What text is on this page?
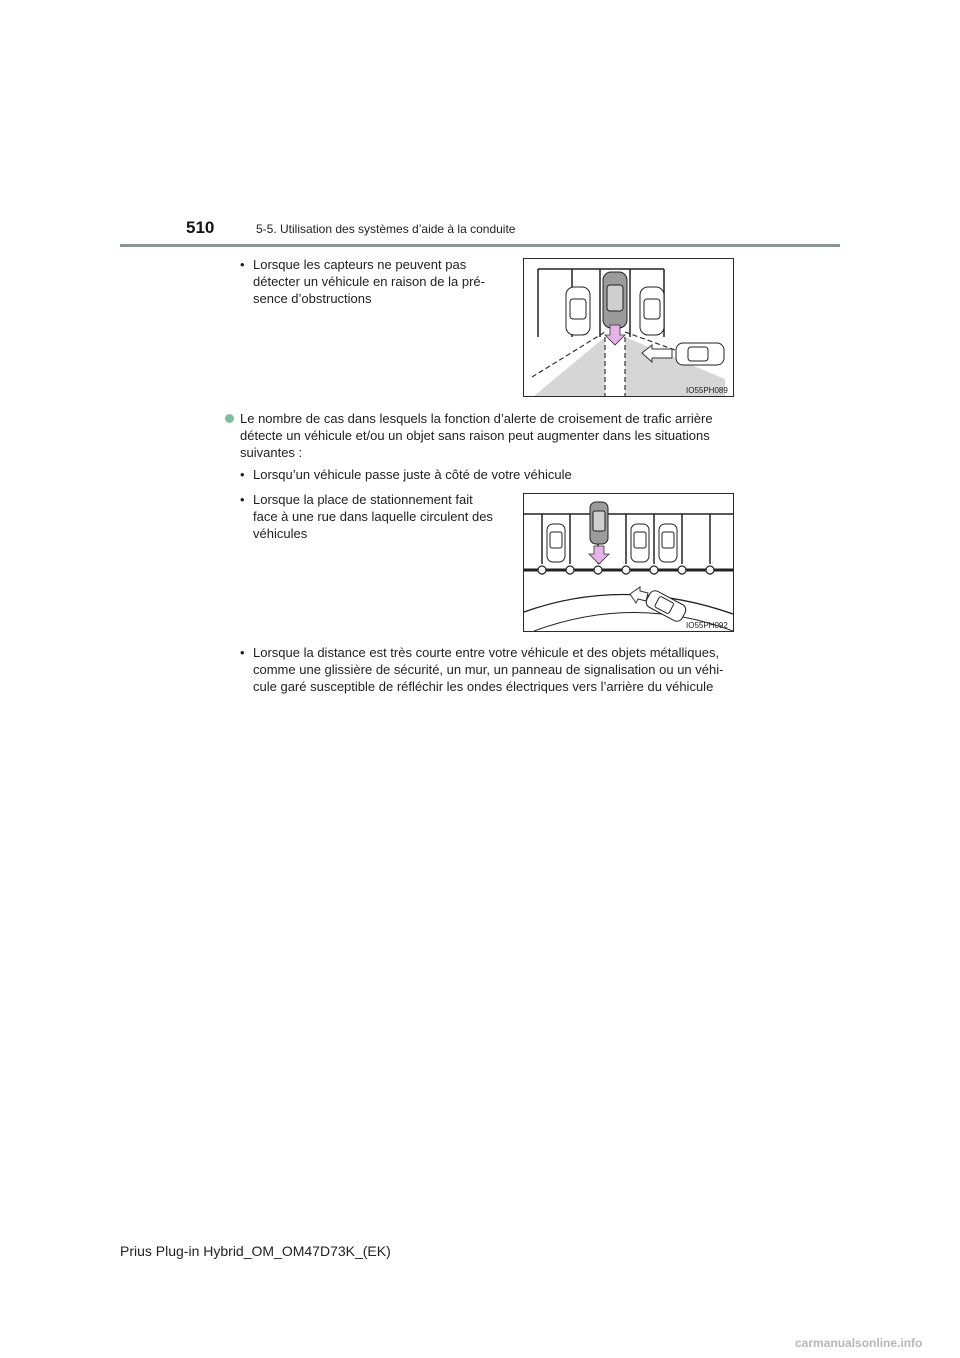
510	5-5. Utilisation des systèmes d’aide à la conduite
• Lorsque les capteurs ne peuvent pas
détecter un véhicule en raison de la pré-
sence d’obstructions
IO55PH089
Le nombre de cas dans lesquels la fonction d’alerte de croisement de trafic arrière
détecte un véhicule et/ou un objet sans raison peut augmenter dans les situations
suivantes :
• Lorsqu’un véhicule passe juste à côté de votre véhicule
• Lorsque la place de stationnement fait
face à une rue dans laquelle circulent des
véhicules
IO55PH092
• Lorsque la distance est très courte entre votre véhicule et des objets métalliques,
comme une glissière de sécurité, un mur, un panneau de signalisation ou un véhi-
cule garé susceptible de réfléchir les ondes électriques vers l’arrière du véhicule
Prius Plug-in Hybrid_OM_OM47D73K_(EK)
carmanualsonline.info
